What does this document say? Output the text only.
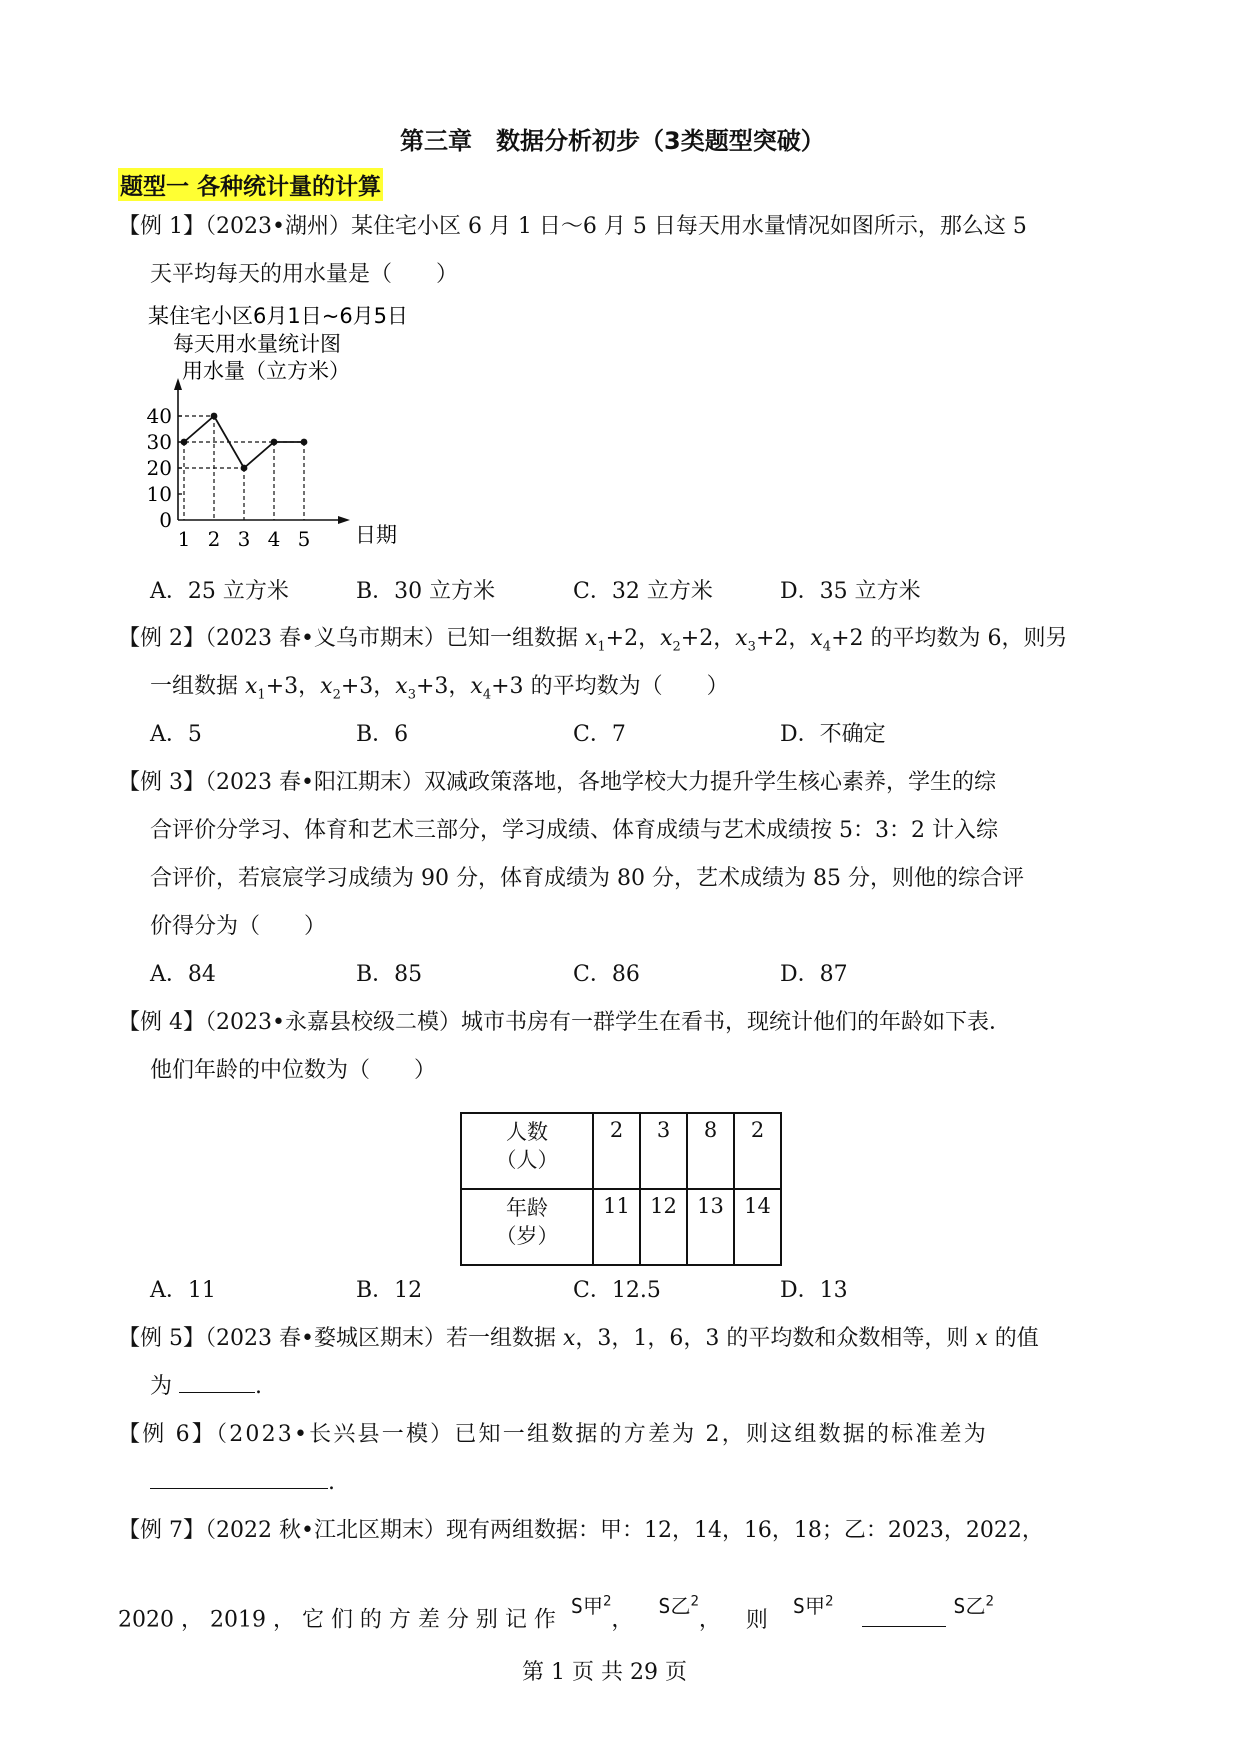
第三章　数据分析初步（3类题型突破）
题型一 各种统计量的计算
【例 1】（2023•湖州）某住宅小区 6 月 1 日～6 月 5 日每天用水量情况如图所示，那么这 5
天平均每天的用水量是（　　）
某住宅小区6月1日~6月5日
每天用水量统计图
用水量（立方米）
0
10
20
30
40
1 2 3 4 5 日期
A．25 立方米	B．30 立方米	C．32 立方米	D．35 立方米
【例 2】（2023 春•义乌市期末）已知一组数据 $x_1+2$，$x_2+2$，$x_3+2$，$x_4+2$ 的平均数为 6，则另
一组数据 $x_1+3$，$x_2+3$，$x_3+3$，$x_4+3$ 的平均数为（　　）
A．5	B．6	C．7	D．不确定
【例 3】（2023 春•阳江期末）双减政策落地，各地学校大力提升学生核心素养，学生的综
合评价分学习、体育和艺术三部分，学习成绩、体育成绩与艺术成绩按 5：3：2 计入综
合评价，若宸宸学习成绩为 90 分，体育成绩为 80 分，艺术成绩为 85 分，则他的综合评
价得分为（　　）
A．84	B．85	C．86	D．87
【例 4】（2023•永嘉县校级二模）城市书房有一群学生在看书，现统计他们的年龄如下表．
他们年龄的中位数为（　　）
人数
（人）	2	3	8	2
年龄
（岁）	11	12	13	14
A．11	B．12	C．12.5	D．13
【例 5】（2023 春•婺城区期末）若一组数据 x，3，1，6，3 的平均数和众数相等，则 x 的值
为	.
【例 6】（2023•长兴县一模）已知一组数据的方差为 2，则这组数据的标准差为
.
【例 7】（2022 秋•江北区期末）现有两组数据：甲：12，14，16，18；乙：2023，2022，
2020 ， 2019 ， 它 们 的 方 差 分 别 记 作 S甲$^2$， S乙$^2$， 则 S甲$^2$	S乙$^2$
第 1 页 共 29 页
